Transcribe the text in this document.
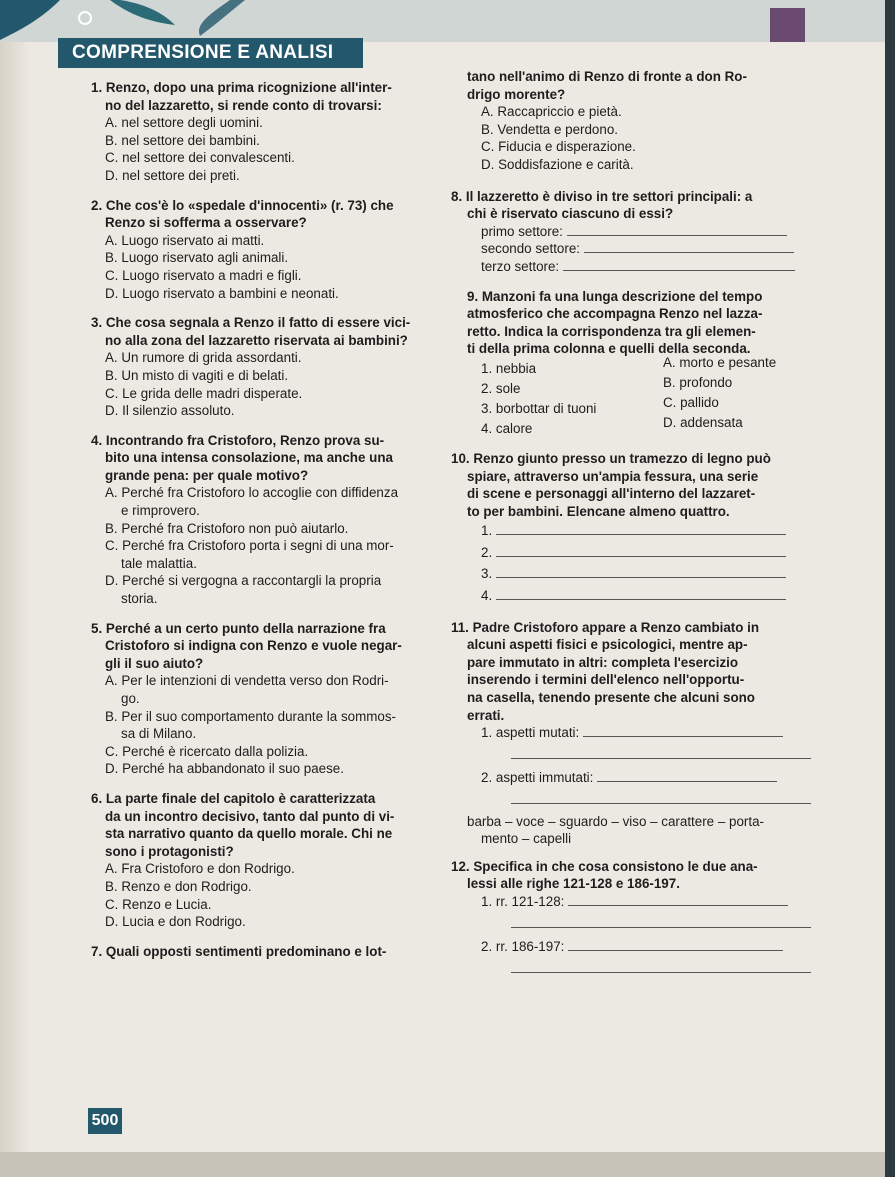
COMPRENSIONE E ANALISI

1. Renzo, dopo una prima ricognizione all'inter-

no del lazzaretto, si rende conto di trovarsi:

A. nel settore degli uomini.

B. nel settore dei bambini.

C. nel settore dei convalescenti.

D. nel settore dei preti.

2. Che cos'è lo «spedale d'innocenti» (r. 73) che

Renzo si sofferma a osservare?

A. Luogo riservato ai matti.

B. Luogo riservato agli animali.

C. Luogo riservato a madri e figli.

D. Luogo riservato a bambini e neonati.

3. Che cosa segnala a Renzo il fatto di essere vici-

no alla zona del lazzaretto riservata ai bambini?

A. Un rumore di grida assordanti.

B. Un misto di vagiti e di belati.

C. Le grida delle madri disperate.

D. Il silenzio assoluto.

4. Incontrando fra Cristoforo, Renzo prova su-

bito una intensa consolazione, ma anche una

grande pena: per quale motivo?

A. Perché fra Cristoforo lo accoglie con diffidenza

e rimprovero.

B. Perché fra Cristoforo non può aiutarlo.

C. Perché fra Cristoforo porta i segni di una mor-

tale malattia.

D. Perché si vergogna a raccontargli la propria

storia.

5. Perché a un certo punto della narrazione fra

Cristoforo si indigna con Renzo e vuole negar-

gli il suo aiuto?

A. Per le intenzioni di vendetta verso don Rodri-

go.

B. Per il suo comportamento durante la sommos-

sa di Milano.

C. Perché è ricercato dalla polizia.

D. Perché ha abbandonato il suo paese.

6. La parte finale del capitolo è caratterizzata

da un incontro decisivo, tanto dal punto di vi-

sta narrativo quanto da quello morale. Chi ne

sono i protagonisti?

A. Fra Cristoforo e don Rodrigo.

B. Renzo e don Rodrigo.

C. Renzo e Lucia.

D. Lucia e don Rodrigo.

7. Quali opposti sentimenti predominano e lot-

tano nell'animo di Renzo di fronte a don Ro-

drigo morente?

A. Raccapriccio e pietà.

B. Vendetta e perdono.

C. Fiducia e disperazione.

D. Soddisfazione e carità.

8. Il lazzeretto è diviso in tre settori principali: a

chi è riservato ciascuno di essi?

primo settore:

secondo settore:

terzo settore:

9. Manzoni fa una lunga descrizione del tempo

atmosferico che accompagna Renzo nel lazza-

retto. Indica la corrispondenza tra gli elemen-

ti della prima colonna e quelli della seconda.

1. nebbia
2. sole
3. borbottar di tuoni
4. calore
A. morto e pesante
B. profondo
C. pallido
D. addensata

10. Renzo giunto presso un tramezzo di legno può

spiare, attraverso un'ampia fessura, una serie

di scene e personaggi all'interno del lazzaret-

to per bambini. Elencane almeno quattro.

1.

2.

3.

4.

11. Padre Cristoforo appare a Renzo cambiato in

alcuni aspetti fisici e psicologici, mentre ap-

pare immutato in altri: completa l'esercizio

inserendo i termini dell'elenco nell'opportu-

na casella, tenendo presente che alcuni sono

errati.

1. aspetti mutati:

2. aspetti immutati:

barba – voce – sguardo – viso – carattere – porta-

mento – capelli

12. Specifica in che cosa consistono le due ana-

lessi alle righe 121-128 e 186-197.

1. rr. 121-128:

2. rr. 186-197:

500
